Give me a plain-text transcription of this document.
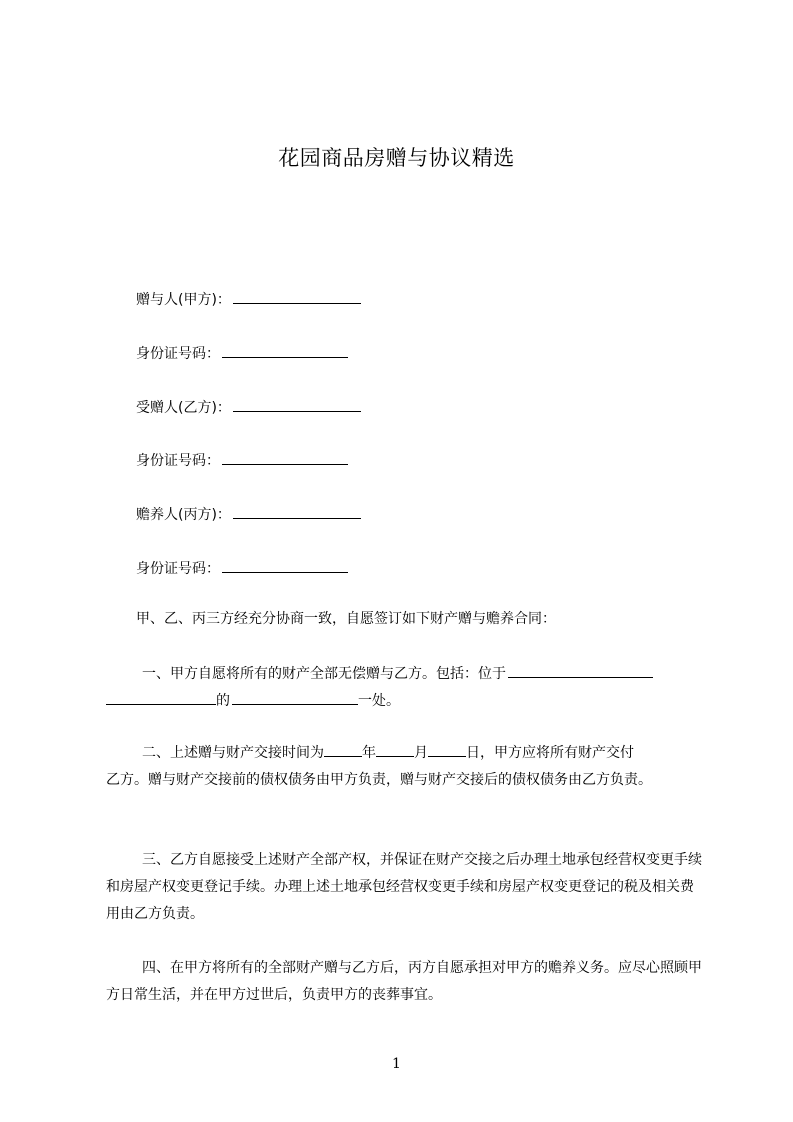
花园商品房赠与协议精选
赠与人(甲方)：
身份证号码：
受赠人(乙方)：
身份证号码：
赡养人(丙方)：
身份证号码：
甲、乙、丙三方经充分协商一致，自愿签订如下财产赠与赡养合同：
一、甲方自愿将所有的财产全部无偿赠与乙方。包括：位于
的	一处。
二、上述赠与财产交接时间为	年	月	日，甲方应将所有财产交付
乙方。赠与财产交接前的债权债务由甲方负责，赠与财产交接后的债权债务由乙方负责。
三、乙方自愿接受上述财产全部产权，并保证在财产交接之后办理土地承包经营权变更手续和房屋产权变更登记手续。办理上述土地承包经营权变更手续和房屋产权变更登记的税及相关费用由乙方负责。
四、在甲方将所有的全部财产赠与乙方后，丙方自愿承担对甲方的赡养义务。应尽心照顾甲方日常生活，并在甲方过世后，负责甲方的丧葬事宜。
1
